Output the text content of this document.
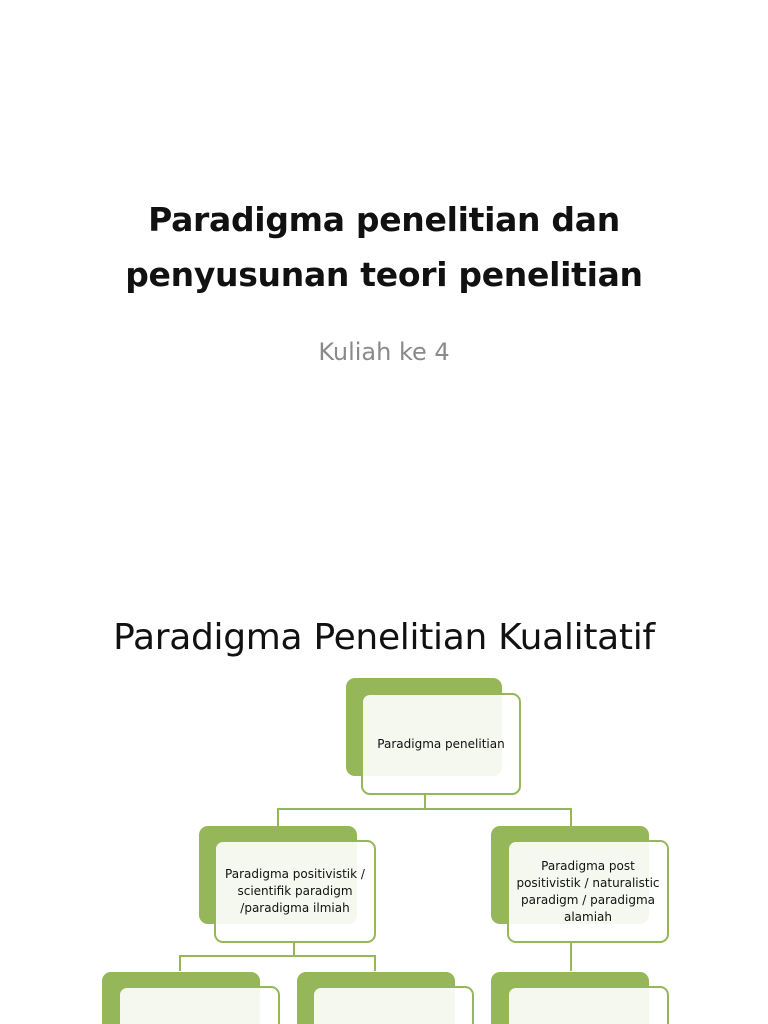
Paradigma penelitian dan
penyusunan teori penelitian
Kuliah ke 4
Paradigma Penelitian Kualitatif
Paradigma penelitian
Paradigma positivistik / scientifik paradigm /paradigma ilmiah
Paradigma post positivistik / naturalistic paradigm / paradigma alamiah
